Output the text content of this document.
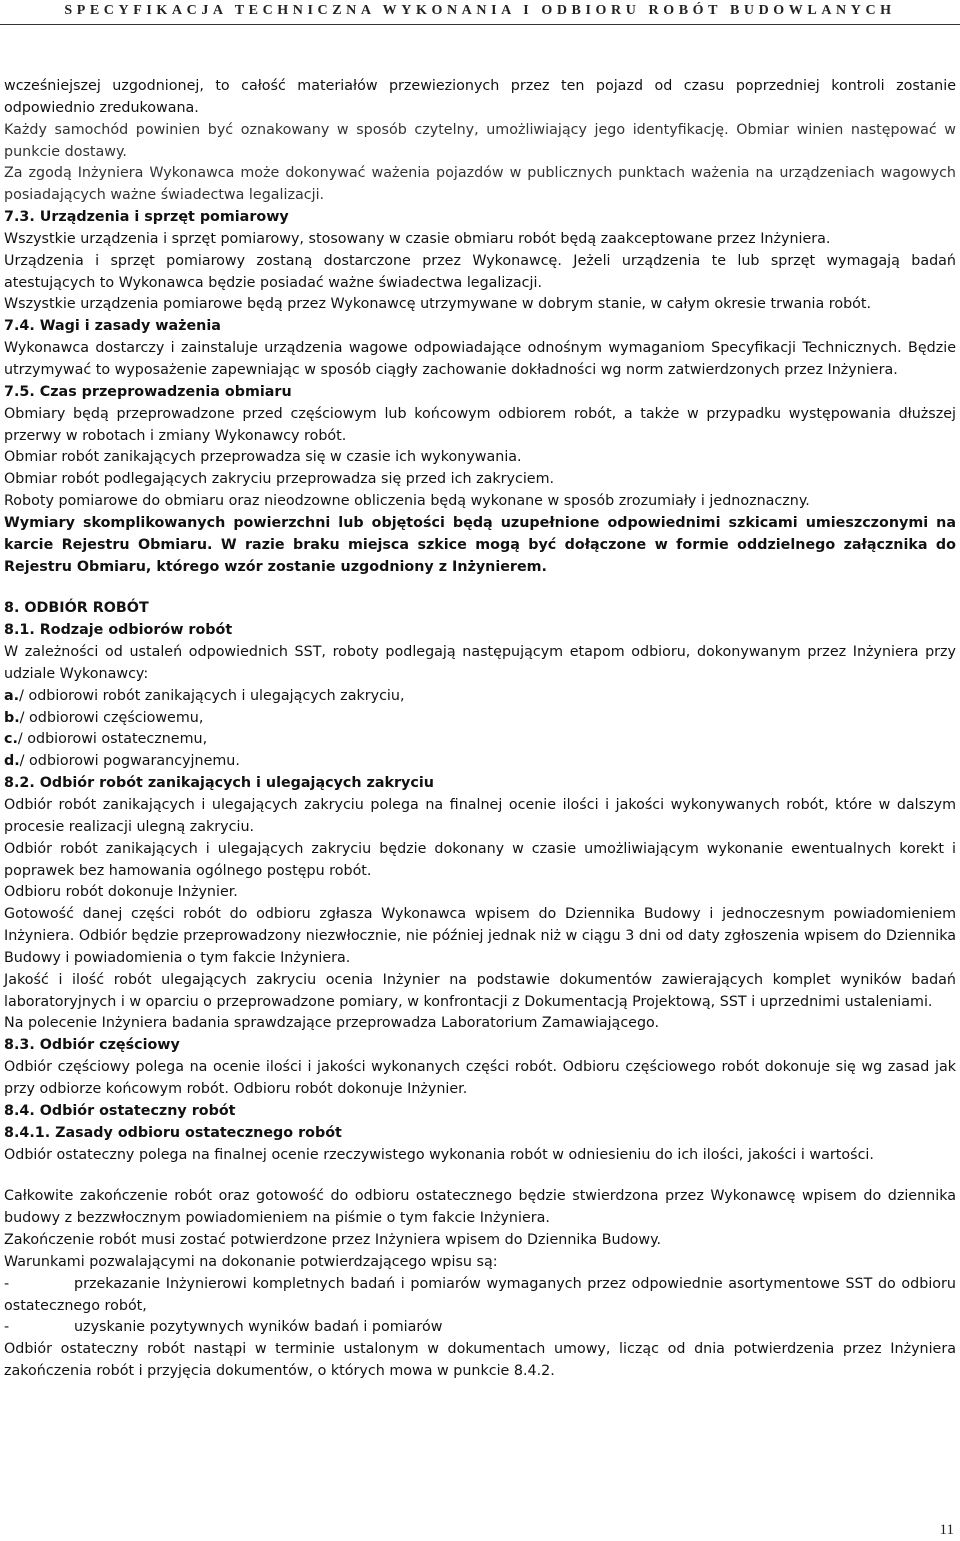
SPECYFIKACJA TECHNICZNA WYKONANIA I ODBIORU ROBÓT BUDOWLANYCH

wcześniejszej uzgodnionej, to całość materiałów przewiezionych przez ten pojazd od czasu poprzedniej kontroli zostanie odpowiednio zredukowana.

Każdy samochód powinien być oznakowany w sposób czytelny, umożliwiający jego identyfikację. Obmiar winien następować w punkcie dostawy.

Za zgodą Inżyniera Wykonawca może dokonywać ważenia pojazdów w publicznych punktach ważenia na urządzeniach wagowych posiadających ważne świadectwa legalizacji.

7.3. Urządzenia i sprzęt pomiarowy

Wszystkie urządzenia i sprzęt pomiarowy, stosowany w czasie obmiaru robót będą zaakceptowane przez Inżyniera.

Urządzenia i sprzęt pomiarowy zostaną dostarczone przez Wykonawcę. Jeżeli urządzenia te lub sprzęt wymagają badań atestujących to Wykonawca będzie posiadać ważne świadectwa legalizacji.

Wszystkie urządzenia pomiarowe będą przez Wykonawcę utrzymywane w dobrym stanie, w całym okresie trwania robót.

7.4. Wagi i zasady ważenia

Wykonawca dostarczy i zainstaluje urządzenia wagowe odpowiadające odnośnym wymaganiom Specyfikacji Technicznych. Będzie utrzymywać to wyposażenie zapewniając w sposób ciągły zachowanie dokładności wg norm zatwierdzonych przez Inżyniera.

7.5. Czas przeprowadzenia obmiaru

Obmiary będą przeprowadzone przed częściowym lub końcowym odbiorem robót, a także w przypadku występowania dłuższej przerwy w robotach i zmiany Wykonawcy robót.

Obmiar robót zanikających przeprowadza się w czasie ich wykonywania.

Obmiar robót podlegających zakryciu przeprowadza się przed ich zakryciem.

Roboty pomiarowe do obmiaru oraz nieodzowne obliczenia będą wykonane w sposób zrozumiały i jednoznaczny.

Wymiary skomplikowanych powierzchni lub objętości będą uzupełnione odpowiednimi szkicami umieszczonymi na karcie Rejestru Obmiaru. W razie braku miejsca szkice mogą być dołączone w formie oddzielnego załącznika do Rejestru Obmiaru, którego wzór zostanie uzgodniony z Inżynierem.

8. ODBIÓR ROBÓT

8.1. Rodzaje odbiorów robót

W zależności od ustaleń odpowiednich SST, roboty podlegają następującym etapom odbioru, dokonywanym przez Inżyniera przy udziale Wykonawcy:

a./ odbiorowi robót zanikających i ulegających zakryciu,

b./ odbiorowi częściowemu,

c./ odbiorowi ostatecznemu,

d./ odbiorowi pogwarancyjnemu.

8.2. Odbiór robót zanikających i ulegających zakryciu

Odbiór robót zanikających i ulegających zakryciu polega na finalnej ocenie ilości i jakości wykonywanych robót, które w dalszym procesie realizacji ulegną zakryciu.

Odbiór robót zanikających i ulegających zakryciu będzie dokonany w czasie umożliwiającym wykonanie ewentualnych korekt i poprawek bez hamowania ogólnego postępu robót.

Odbioru robót dokonuje Inżynier.

Gotowość danej części robót do odbioru zgłasza Wykonawca wpisem do Dziennika Budowy i jednoczesnym powiadomieniem Inżyniera. Odbiór będzie przeprowadzony niezwłocznie, nie później jednak niż w ciągu 3 dni od daty zgłoszenia wpisem do Dziennika Budowy i powiadomienia o tym fakcie Inżyniera.

Jakość i ilość robót ulegających zakryciu ocenia Inżynier na podstawie dokumentów zawierających komplet wyników badań laboratoryjnych i w oparciu o przeprowadzone pomiary, w konfrontacji z Dokumentacją Projektową, SST i uprzednimi ustaleniami.

Na polecenie Inżyniera badania sprawdzające przeprowadza Laboratorium Zamawiającego.

8.3. Odbiór częściowy

Odbiór częściowy polega na ocenie ilości i jakości wykonanych części robót. Odbioru częściowego robót dokonuje się wg zasad jak przy odbiorze końcowym robót. Odbioru robót dokonuje Inżynier.

8.4. Odbiór ostateczny robót

8.4.1. Zasady odbioru ostatecznego robót

Odbiór ostateczny polega na finalnej ocenie rzeczywistego wykonania robót w odniesieniu do ich ilości, jakości i wartości.

Całkowite zakończenie robót oraz gotowość do odbioru ostatecznego będzie stwierdzona przez Wykonawcę wpisem do dziennika budowy z bezzwłocznym powiadomieniem na piśmie o tym fakcie Inżyniera.

Zakończenie robót musi zostać potwierdzone przez Inżyniera wpisem do Dziennika Budowy.

Warunkami pozwalającymi na dokonanie potwierdzającego wpisu są:

-	przekazanie Inżynierowi kompletnych badań i pomiarów wymaganych przez odpowiednie asortymentowe SST do odbioru ostatecznego robót,

-	uzyskanie pozytywnych wyników badań i pomiarów

Odbiór ostateczny robót nastąpi w terminie ustalonym w dokumentach umowy, licząc od dnia potwierdzenia przez Inżyniera zakończenia robót i przyjęcia dokumentów, o których mowa w punkcie 8.4.2.

11
